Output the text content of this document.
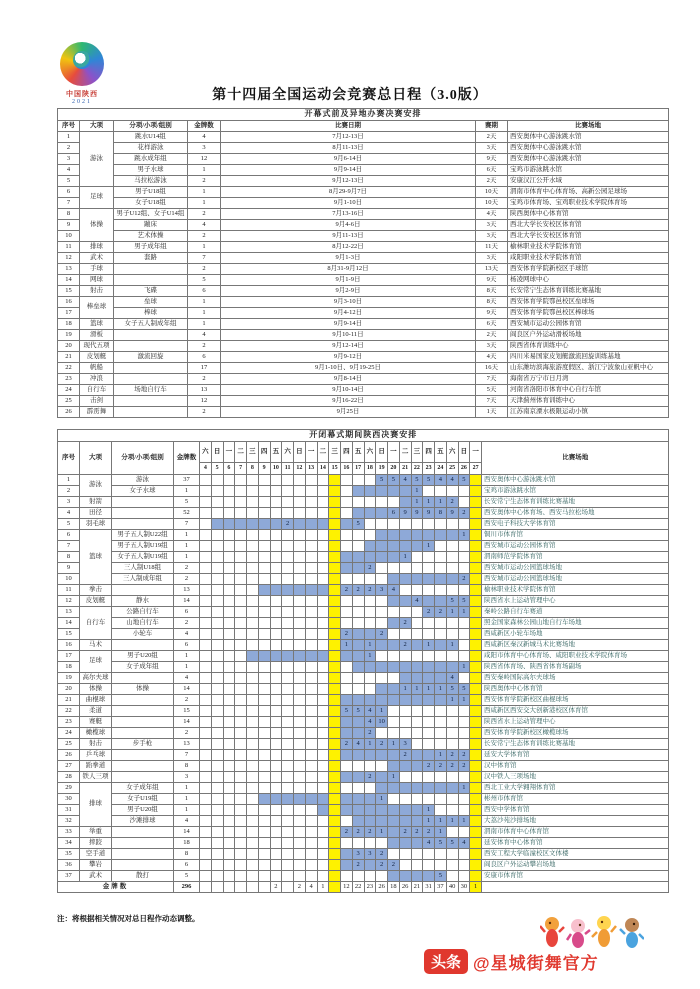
中国陕西
2021	第十四届全国运动会竞赛总日程（3.0版）
开幕式前及异地办赛决赛安排						
序号	大项	分项/小项/组别	金牌数	比赛日期	赛期	比赛场地
1	游泳	跳水U14组	4	7月12-13日	2天	西安奥体中心游泳跳水馆
2		花样游泳	3	8月11-13日	3天	西安奥体中心游泳跳水馆
3		跳水成年组	12	9月6-14日	9天	西安奥体中心游泳跳水馆
4		男子水球	1	9月9-14日	6天	宝鸡市游泳跳水馆
5		马拉松游泳	2	9月12-13日	2天	安康汉江公开水域
6	足球	男子U18组	1	8月29-9月7日	10天	渭南市体育中心体育场、高新公园足球场
7		女子U18组	1	9月1-10日	10天	宝鸡市体育场、宝鸡职业技术学院体育场
8	体操	男子U12组、女子U14组	2	7月13-16日	4天	陕西奥体中心体育馆
9		蹦床	4	9月4-6日	3天	西北大学长安校区体育馆
10		艺术体操	2	9月11-13日	3天	西北大学长安校区体育馆
11	排球	男子成年组	1	8月12-22日	11天	榆林职业技术学院体育馆
12	武术	套路	7	9月1-3日	3天	咸阳职业技术学院体育馆
13	手球		2	8月31-9月12日	13天	西安体育学院新校区手球馆
14	网球		5	9月1-9日	9天	杨凌网球中心
15	射击	飞碟	6	9月2-9日	8天	长安常宁生态体育训练比赛基地
16	棒垒球	垒球	1	9月3-10日	8天	西安体育学院鄠邑校区垒球场
17		棒球	1	9月4-12日	9天	西安体育学院鄠邑校区棒球场
18	篮球	女子五人制成年组	1	9月9-14日	6天	西安城市运动公园体育馆
19	滑板		4	9月10-11日	2天	阎良区户外运动滑板场地
20	现代五项		2	9月12-14日	3天	陕西省体育训练中心
21	皮划艇	激流回旋	6	9月9-12日	4天	四川米易国家皮划艇激流回旋训练基地
22	帆船		17	9月1-10日、9月19-25日	16天	山东潍坊滨海旅游度假区、浙江宁波象山亚帆中心
23	冲浪		2	9月8-14日	7天	海南省万宁市日月湾
24	自行车	场地自行车	13	9月10-14日	5天	河南省洛阳市体育中心自行车馆
25	击剑		12	9月16-22日	7天	天津蓟州体育训练中心
26	霹雳舞		2	9月25日	1天	江苏南京溧水极限运动小镇
开闭幕式期间陕西决赛安排																												
序号	大项	分项/小项/组别	金牌数	六	日	一	二	三	四	五	六	日	一	二	三	四	五	六	日	一	二	三	四	五	六	日	一	比赛场地
				4	5	6	7	8	9	10	11	12	13	14	15	16	17	18	19	20	21	22	23	24	25	26	27	
1	游泳	游泳	37																5	5	4	5	5	4	4	5		西安奥体中心游泳跳水馆
2		女子水球	1																			1						宝鸡市游泳跳水馆
3	射箭		5																			1	1	1	2			长安常宁生态体育训练比赛基地
4	田径		52																	6	9	9	9	8	9	2		西安奥体中心体育场、西安马拉松场地
5	羽毛球		7								2						5											西安电子科技大学体育馆
6	篮球	男子五人制U22组	1																							1		铜川市体育馆
7		男子五人制U19组	1																				1					西安城市运动公园体育馆
8		女子五人制U19组	1																		1							渭南师范学院体育馆
9		三人制U18组	2															2										西安城市运动公园篮球场地
10		三人制成年组	2																							2		西安城市运动公园篮球场地
11	拳击		13													2	2	2	3	4								榆林职业技术学院体育馆
12	皮划艇	静水	14																			4			5	5		陕西省水上运动管理中心
13	自行车	公路自行车	6																				2	2	1	1		秦岭公路自行车赛道
14		山地自行车	2																		2							照金国家森林公园山地自行车场地
15		小轮车	4													2			2									西咸新区小轮车场地
16	马术		6													1		1			2		1		1			西咸新区秦汉新城马术比赛场地
17	足球	男子U20组	1															1										咸阳市体育中心体育场、咸阳职业技术学院体育场
18		女子成年组	1																							1		陕西省体育场、陕西省体育场副场
19	高尔夫球		4																						4			西安秦岭国际高尔夫球场
20	体操	体操	14																		1	1	1	1	5	5		陕西奥体中心体育馆
21	曲棍球		2																						1	1		西安体育学院新校区曲棍球场
22	柔道		15													5	5	4	1									西咸新区西安交大创新港校区体育馆
23	赛艇		14															4	10									陕西省水上运动管理中心
24	橄榄球		2															2										西安体育学院新校区橄榄球场
25	射击	步手枪	13													2	4	1	2	1	3							长安常宁生态体育训练比赛基地
26	乒乓球		7																		2			1	2	2		延安大学体育馆
27	跆拳道		8																				2	2	2	2		汉中体育馆
28	铁人三项		3															2		1								汉中铁人三项场地
29	排球	女子成年组	1																							1		西北工业大学翱翔体育馆
30		女子U19组	1																1									彬州市体育馆
31		男子U20组	1																				1					西安中学体育馆
32		沙滩排球	4																				1	1	1	1		大荔沙苑沙排场地
33	举重		14													2	2	2	1		2	2	2	1				渭南市体育中心体育馆
34	摔跤		18																				4	5	5	4		延安体育中心体育馆
35	空手道		8														3	3	2									西安工程大学临潼校区文体楼
36	攀岩		6														2		2	2								阎良区户外运动攀岩场地
37	武术	散打	5																					5				安康市体育馆
金牌数			296							2		2	4	1		12	22	23	26	18	26	21	31	37	40	30	1	
注：将根据相关情况对总日程作动态调整。
头条 @星城街舞官方
